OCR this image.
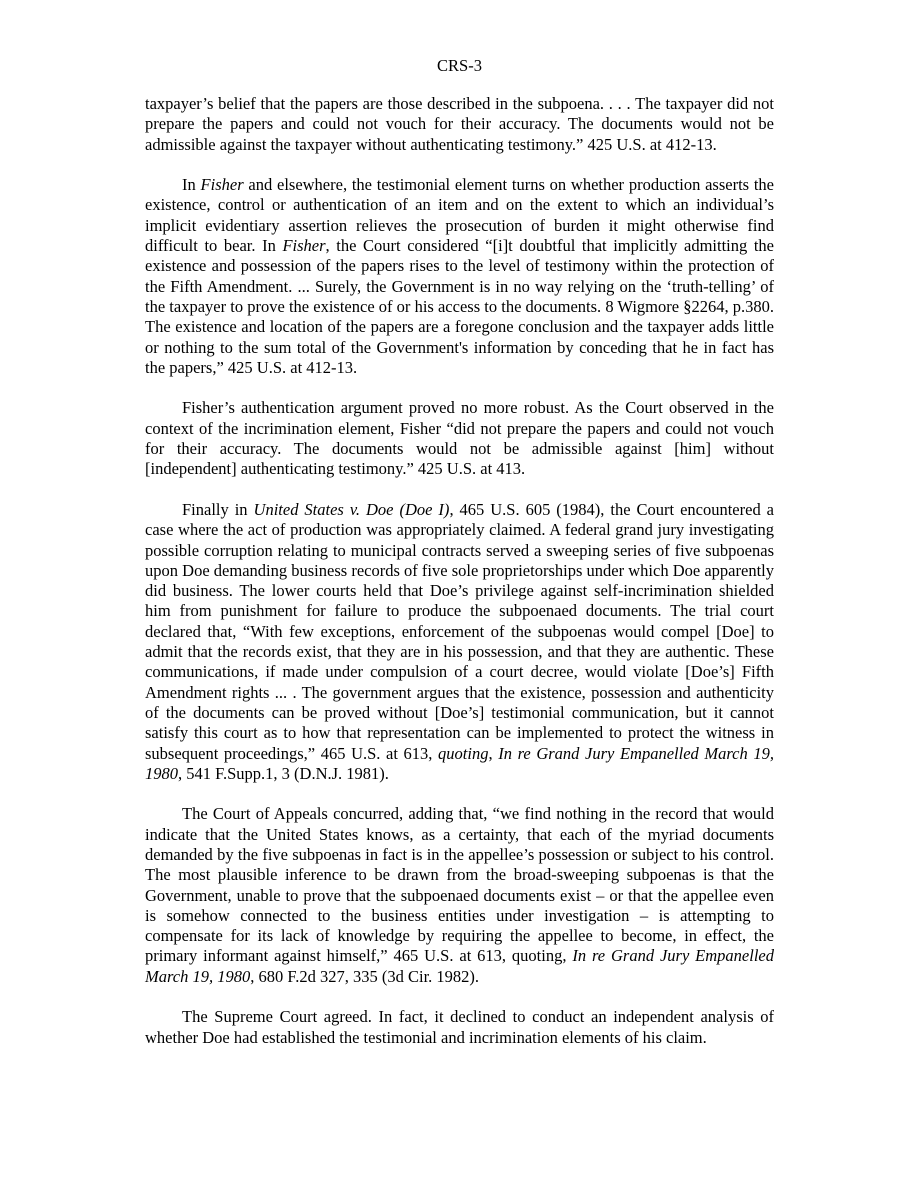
CRS-3

taxpayer’s belief that the papers are those described in the subpoena. . . . The taxpayer did not prepare the papers and could not vouch for their accuracy. The documents would not be admissible against the taxpayer without authenticating testimony.” 425 U.S. at 412-13.

In Fisher and elsewhere, the testimonial element turns on whether production asserts the existence, control or authentication of an item and on the extent to which an individual’s implicit evidentiary assertion relieves the prosecution of burden it might otherwise find difficult to bear. In Fisher, the Court considered “[i]t doubtful that implicitly admitting the existence and possession of the papers rises to the level of testimony within the protection of the Fifth Amendment. ... Surely, the Government is in no way relying on the ‘truth-telling’ of the taxpayer to prove the existence of or his access to the documents. 8 Wigmore §2264, p.380. The existence and location of the papers are a foregone conclusion and the taxpayer adds little or nothing to the sum total of the Government's information by conceding that he in fact has the papers,” 425 U.S. at 412-13.

Fisher’s authentication argument proved no more robust. As the Court observed in the context of the incrimination element, Fisher “did not prepare the papers and could not vouch for their accuracy. The documents would not be admissible against [him] without [independent] authenticating testimony.” 425 U.S. at 413.

Finally in United States v. Doe (Doe I), 465 U.S. 605 (1984), the Court encountered a case where the act of production was appropriately claimed. A federal grand jury investigating possible corruption relating to municipal contracts served a sweeping series of five subpoenas upon Doe demanding business records of five sole proprietorships under which Doe apparently did business. The lower courts held that Doe’s privilege against self-incrimination shielded him from punishment for failure to produce the subpoenaed documents. The trial court declared that, “With few exceptions, enforcement of the subpoenas would compel [Doe] to admit that the records exist, that they are in his possession, and that they are authentic. These communications, if made under compulsion of a court decree, would violate [Doe’s] Fifth Amendment rights ... . The government argues that the existence, possession and authenticity of the documents can be proved without [Doe’s] testimonial communication, but it cannot satisfy this court as to how that representation can be implemented to protect the witness in subsequent proceedings,” 465 U.S. at 613, quoting, In re Grand Jury Empanelled March 19, 1980, 541 F.Supp.1, 3 (D.N.J. 1981).

The Court of Appeals concurred, adding that, “we find nothing in the record that would indicate that the United States knows, as a certainty, that each of the myriad documents demanded by the five subpoenas in fact is in the appellee’s possession or subject to his control. The most plausible inference to be drawn from the broad-sweeping subpoenas is that the Government, unable to prove that the subpoenaed documents exist – or that the appellee even is somehow connected to the business entities under investigation – is attempting to compensate for its lack of knowledge by requiring the appellee to become, in effect, the primary informant against himself,” 465 U.S. at 613, quoting, In re Grand Jury Empanelled March 19, 1980, 680 F.2d 327, 335 (3d Cir. 1982).

The Supreme Court agreed. In fact, it declined to conduct an independent analysis of whether Doe had established the testimonial and incrimination elements of his claim.
